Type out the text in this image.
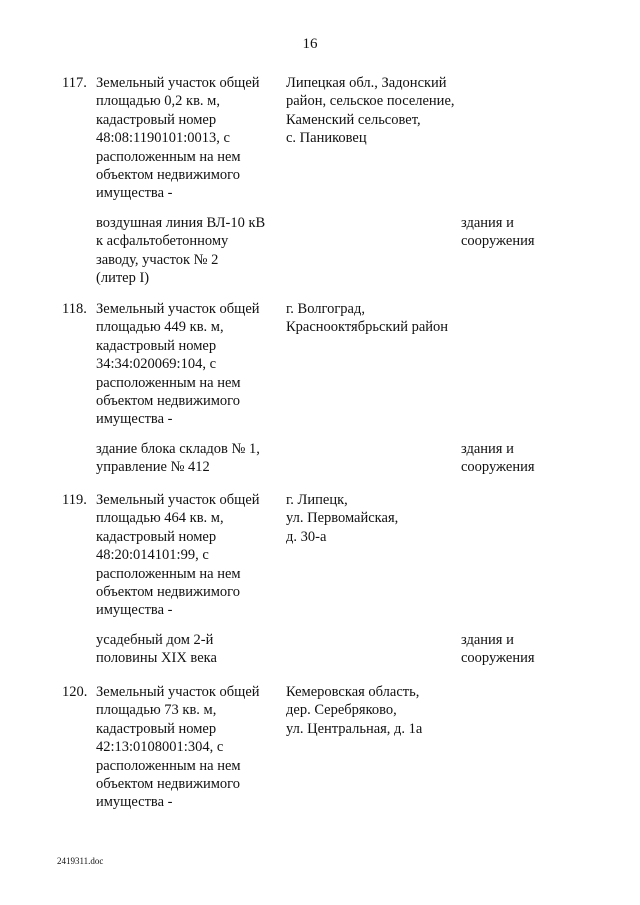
16
117. Земельный участок общей
площадью 0,2 кв. м,
кадастровый номер
48:08:1190101:0013, с
расположенным на нем
объектом недвижимого
имущества -
Липецкая обл., Задонский
район, сельское поселение,
Каменский сельсовет,
с. Паниковец
воздушная линия ВЛ-10 кВ
к асфальтобетонному
заводу, участок № 2
(литер I)
здания и
сооружения
118. Земельный участок общей
площадью 449 кв. м,
кадастровый номер
34:34:020069:104, с
расположенным на нем
объектом недвижимого
имущества -
г. Волгоград,
Краснооктябрьский район
здание блока складов № 1,
управление № 412
здания и
сооружения
119. Земельный участок общей
площадью 464 кв. м,
кадастровый номер
48:20:014101:99, с
расположенным на нем
объектом недвижимого
имущества -
г. Липецк,
ул. Первомайская,
д. 30-а
усадебный дом 2-й
половины XIX века
здания и
сооружения
120. Земельный участок общей
площадью 73 кв. м,
кадастровый номер
42:13:0108001:304, с
расположенным на нем
объектом недвижимого
имущества -
Кемеровская область,
дер. Серебряково,
ул. Центральная, д. 1а
2419311.doc
